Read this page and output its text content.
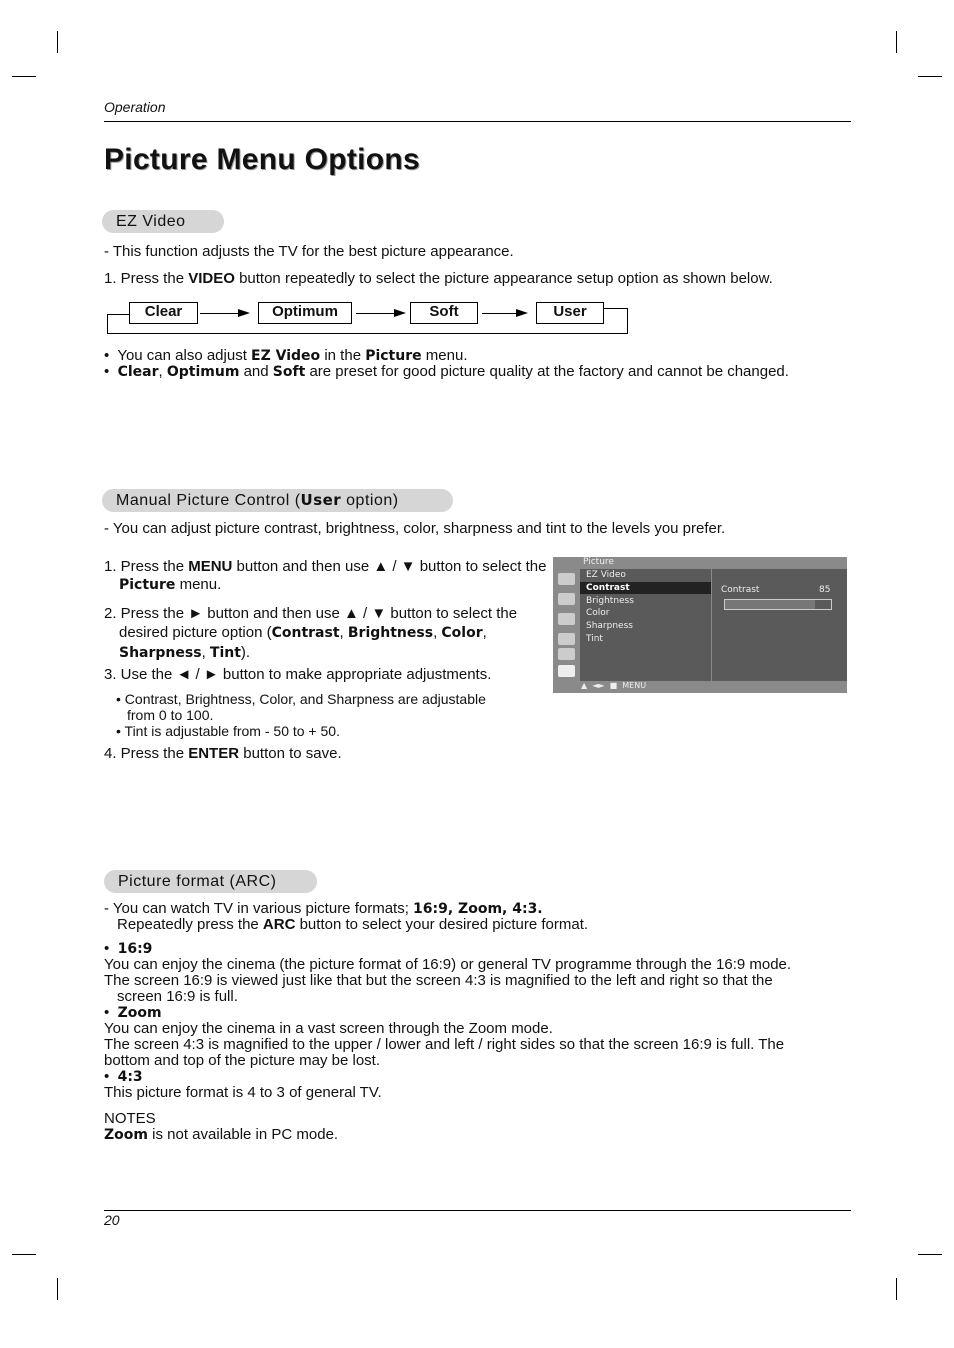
Operation
Picture Menu Options
EZ Video
- This function adjusts the TV for the best picture appearance.
1. Press the VIDEO button repeatedly to select the picture appearance setup option as shown below.
Clear	Optimum	Soft	User
•  You can also adjust EZ Video in the Picture menu.
•  Clear, Optimum and Soft are preset for good picture quality at the factory and cannot be changed.
Manual Picture Control (User option)
- You can adjust picture contrast, brightness, color, sharpness and tint to the levels you prefer.
1. Press the MENU button and then use ▲ / ▼ button to select the
Picture menu.
2. Press the ► button and then use ▲ / ▼ button to select the
desired picture option (Contrast, Brightness, Color,
Sharpness, Tint).
3. Use the ◄ / ► button to make appropriate adjustments.
• Contrast, Brightness, Color, and Sharpness are adjustable
from 0 to 100.
• Tint is adjustable from - 50 to + 50.
4. Press the ENTER button to save.
Picture
EZ Video
Contrast
Brightness
Color
Sharpness
Tint
Contrast	85
▲  ◄►  ■  MENU
Picture format (ARC)
- You can watch TV in various picture formats; 16:9, Zoom, 4:3.
Repeatedly press the ARC button to select your desired picture format.
•  16:9
You can enjoy the cinema (the picture format of 16:9) or general TV programme through the 16:9 mode.
The screen 16:9 is viewed just like that but the screen 4:3 is magnified to the left and right so that the
screen 16:9 is full.
•  Zoom
You can enjoy the cinema in a vast screen through the Zoom mode.
The screen 4:3 is magnified to the upper / lower and left / right sides so that the screen 16:9 is full. The
bottom and top of the picture may be lost.
•  4:3
This picture format is 4 to 3 of general TV.
NOTES
Zoom is not available in PC mode.
20
